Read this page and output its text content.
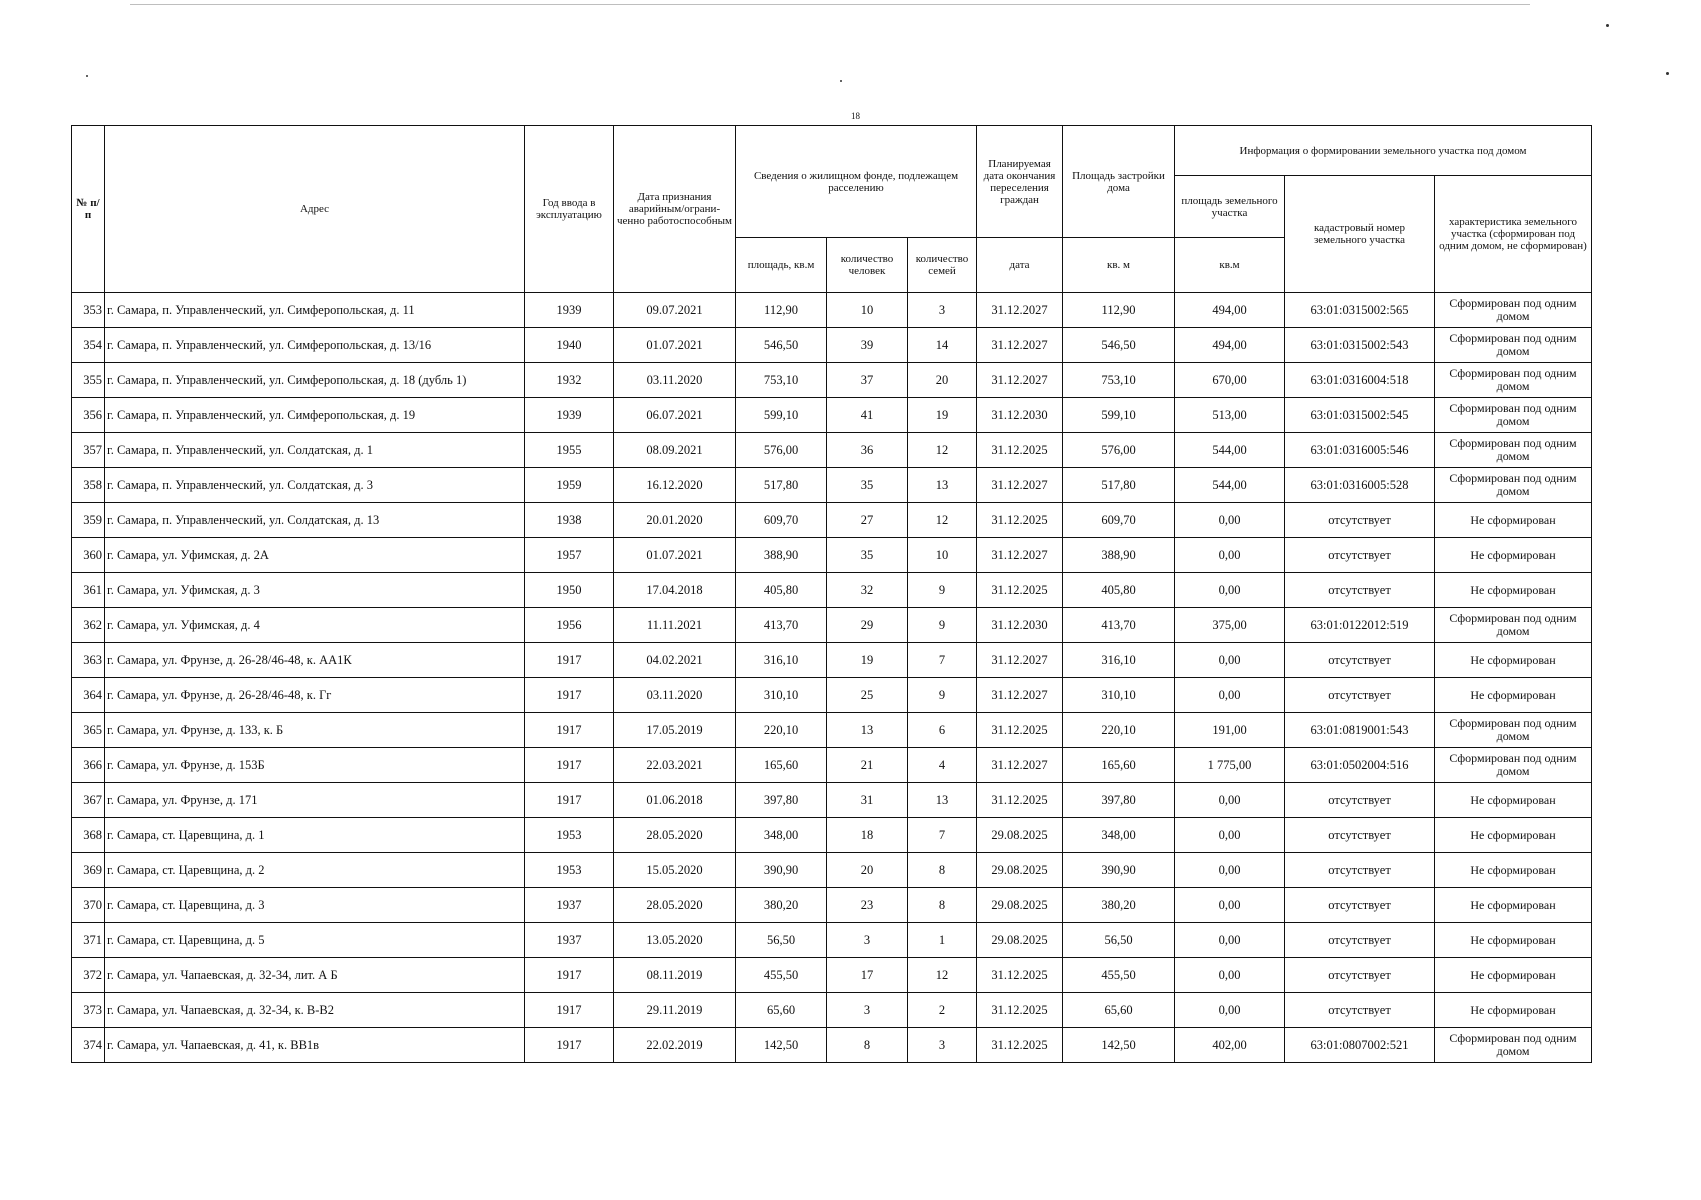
18
№ п/п	Адрес	Год ввода в эксплуатацию	Дата признания аварийным/ограни-ченно работоспособным	Сведения о жилищном фонде, подлежащем расселению			Планируемая дата окончания переселения граждан	Площадь застройки дома	Информация о формировании земельного участка под домом		
									площадь земельного участка	кадастровый номер земельного участка	характеристика земельного участка (сформирован под одним домом, не сформирован)
				площадь, кв.м	количество человек	количество семей	дата	кв. м	кв.м		
353	г. Самара, п. Управленческий, ул. Симферопольская, д. 11	1939	09.07.2021	112,90	10	3	31.12.2027	112,90	494,00	63:01:0315002:565	Сформирован под одним домом
354	г. Самара, п. Управленческий, ул. Симферопольская, д. 13/16	1940	01.07.2021	546,50	39	14	31.12.2027	546,50	494,00	63:01:0315002:543	Сформирован под одним домом
355	г. Самара, п. Управленческий, ул. Симферопольская, д. 18 (дубль 1)	1932	03.11.2020	753,10	37	20	31.12.2027	753,10	670,00	63:01:0316004:518	Сформирован под одним домом
356	г. Самара, п. Управленческий, ул. Симферопольская, д. 19	1939	06.07.2021	599,10	41	19	31.12.2030	599,10	513,00	63:01:0315002:545	Сформирован под одним домом
357	г. Самара, п. Управленческий, ул. Солдатская, д. 1	1955	08.09.2021	576,00	36	12	31.12.2025	576,00	544,00	63:01:0316005:546	Сформирован под одним домом
358	г. Самара, п. Управленческий, ул. Солдатская, д. 3	1959	16.12.2020	517,80	35	13	31.12.2027	517,80	544,00	63:01:0316005:528	Сформирован под одним домом
359	г. Самара, п. Управленческий, ул. Солдатская, д. 13	1938	20.01.2020	609,70	27	12	31.12.2025	609,70	0,00	отсутствует	Не сформирован
360	г. Самара, ул. Уфимская, д. 2А	1957	01.07.2021	388,90	35	10	31.12.2027	388,90	0,00	отсутствует	Не сформирован
361	г. Самара, ул. Уфимская, д. 3	1950	17.04.2018	405,80	32	9	31.12.2025	405,80	0,00	отсутствует	Не сформирован
362	г. Самара, ул. Уфимская, д. 4	1956	11.11.2021	413,70	29	9	31.12.2030	413,70	375,00	63:01:0122012:519	Сформирован под одним домом
363	г. Самара, ул. Фрунзе, д. 26-28/46-48, к. АА1К	1917	04.02.2021	316,10	19	7	31.12.2027	316,10	0,00	отсутствует	Не сформирован
364	г. Самара, ул. Фрунзе, д. 26-28/46-48, к. Гг	1917	03.11.2020	310,10	25	9	31.12.2027	310,10	0,00	отсутствует	Не сформирован
365	г. Самара, ул. Фрунзе, д. 133, к. Б	1917	17.05.2019	220,10	13	6	31.12.2025	220,10	191,00	63:01:0819001:543	Сформирован под одним домом
366	г. Самара, ул. Фрунзе, д. 153Б	1917	22.03.2021	165,60	21	4	31.12.2027	165,60	1 775,00	63:01:0502004:516	Сформирован под одним домом
367	г. Самара, ул. Фрунзе, д. 171	1917	01.06.2018	397,80	31	13	31.12.2025	397,80	0,00	отсутствует	Не сформирован
368	г. Самара, ст. Царевщина, д. 1	1953	28.05.2020	348,00	18	7	29.08.2025	348,00	0,00	отсутствует	Не сформирован
369	г. Самара, ст. Царевщина, д. 2	1953	15.05.2020	390,90	20	8	29.08.2025	390,90	0,00	отсутствует	Не сформирован
370	г. Самара, ст. Царевщина, д. 3	1937	28.05.2020	380,20	23	8	29.08.2025	380,20	0,00	отсутствует	Не сформирован
371	г. Самара, ст. Царевщина, д. 5	1937	13.05.2020	56,50	3	1	29.08.2025	56,50	0,00	отсутствует	Не сформирован
372	г. Самара, ул. Чапаевская, д. 32-34, лит. А Б	1917	08.11.2019	455,50	17	12	31.12.2025	455,50	0,00	отсутствует	Не сформирован
373	г. Самара, ул. Чапаевская, д. 32-34, к. В-В2	1917	29.11.2019	65,60	3	2	31.12.2025	65,60	0,00	отсутствует	Не сформирован
374	г. Самара, ул. Чапаевская, д. 41, к. ВВ1в	1917	22.02.2019	142,50	8	3	31.12.2025	142,50	402,00	63:01:0807002:521	Сформирован под одним домом
